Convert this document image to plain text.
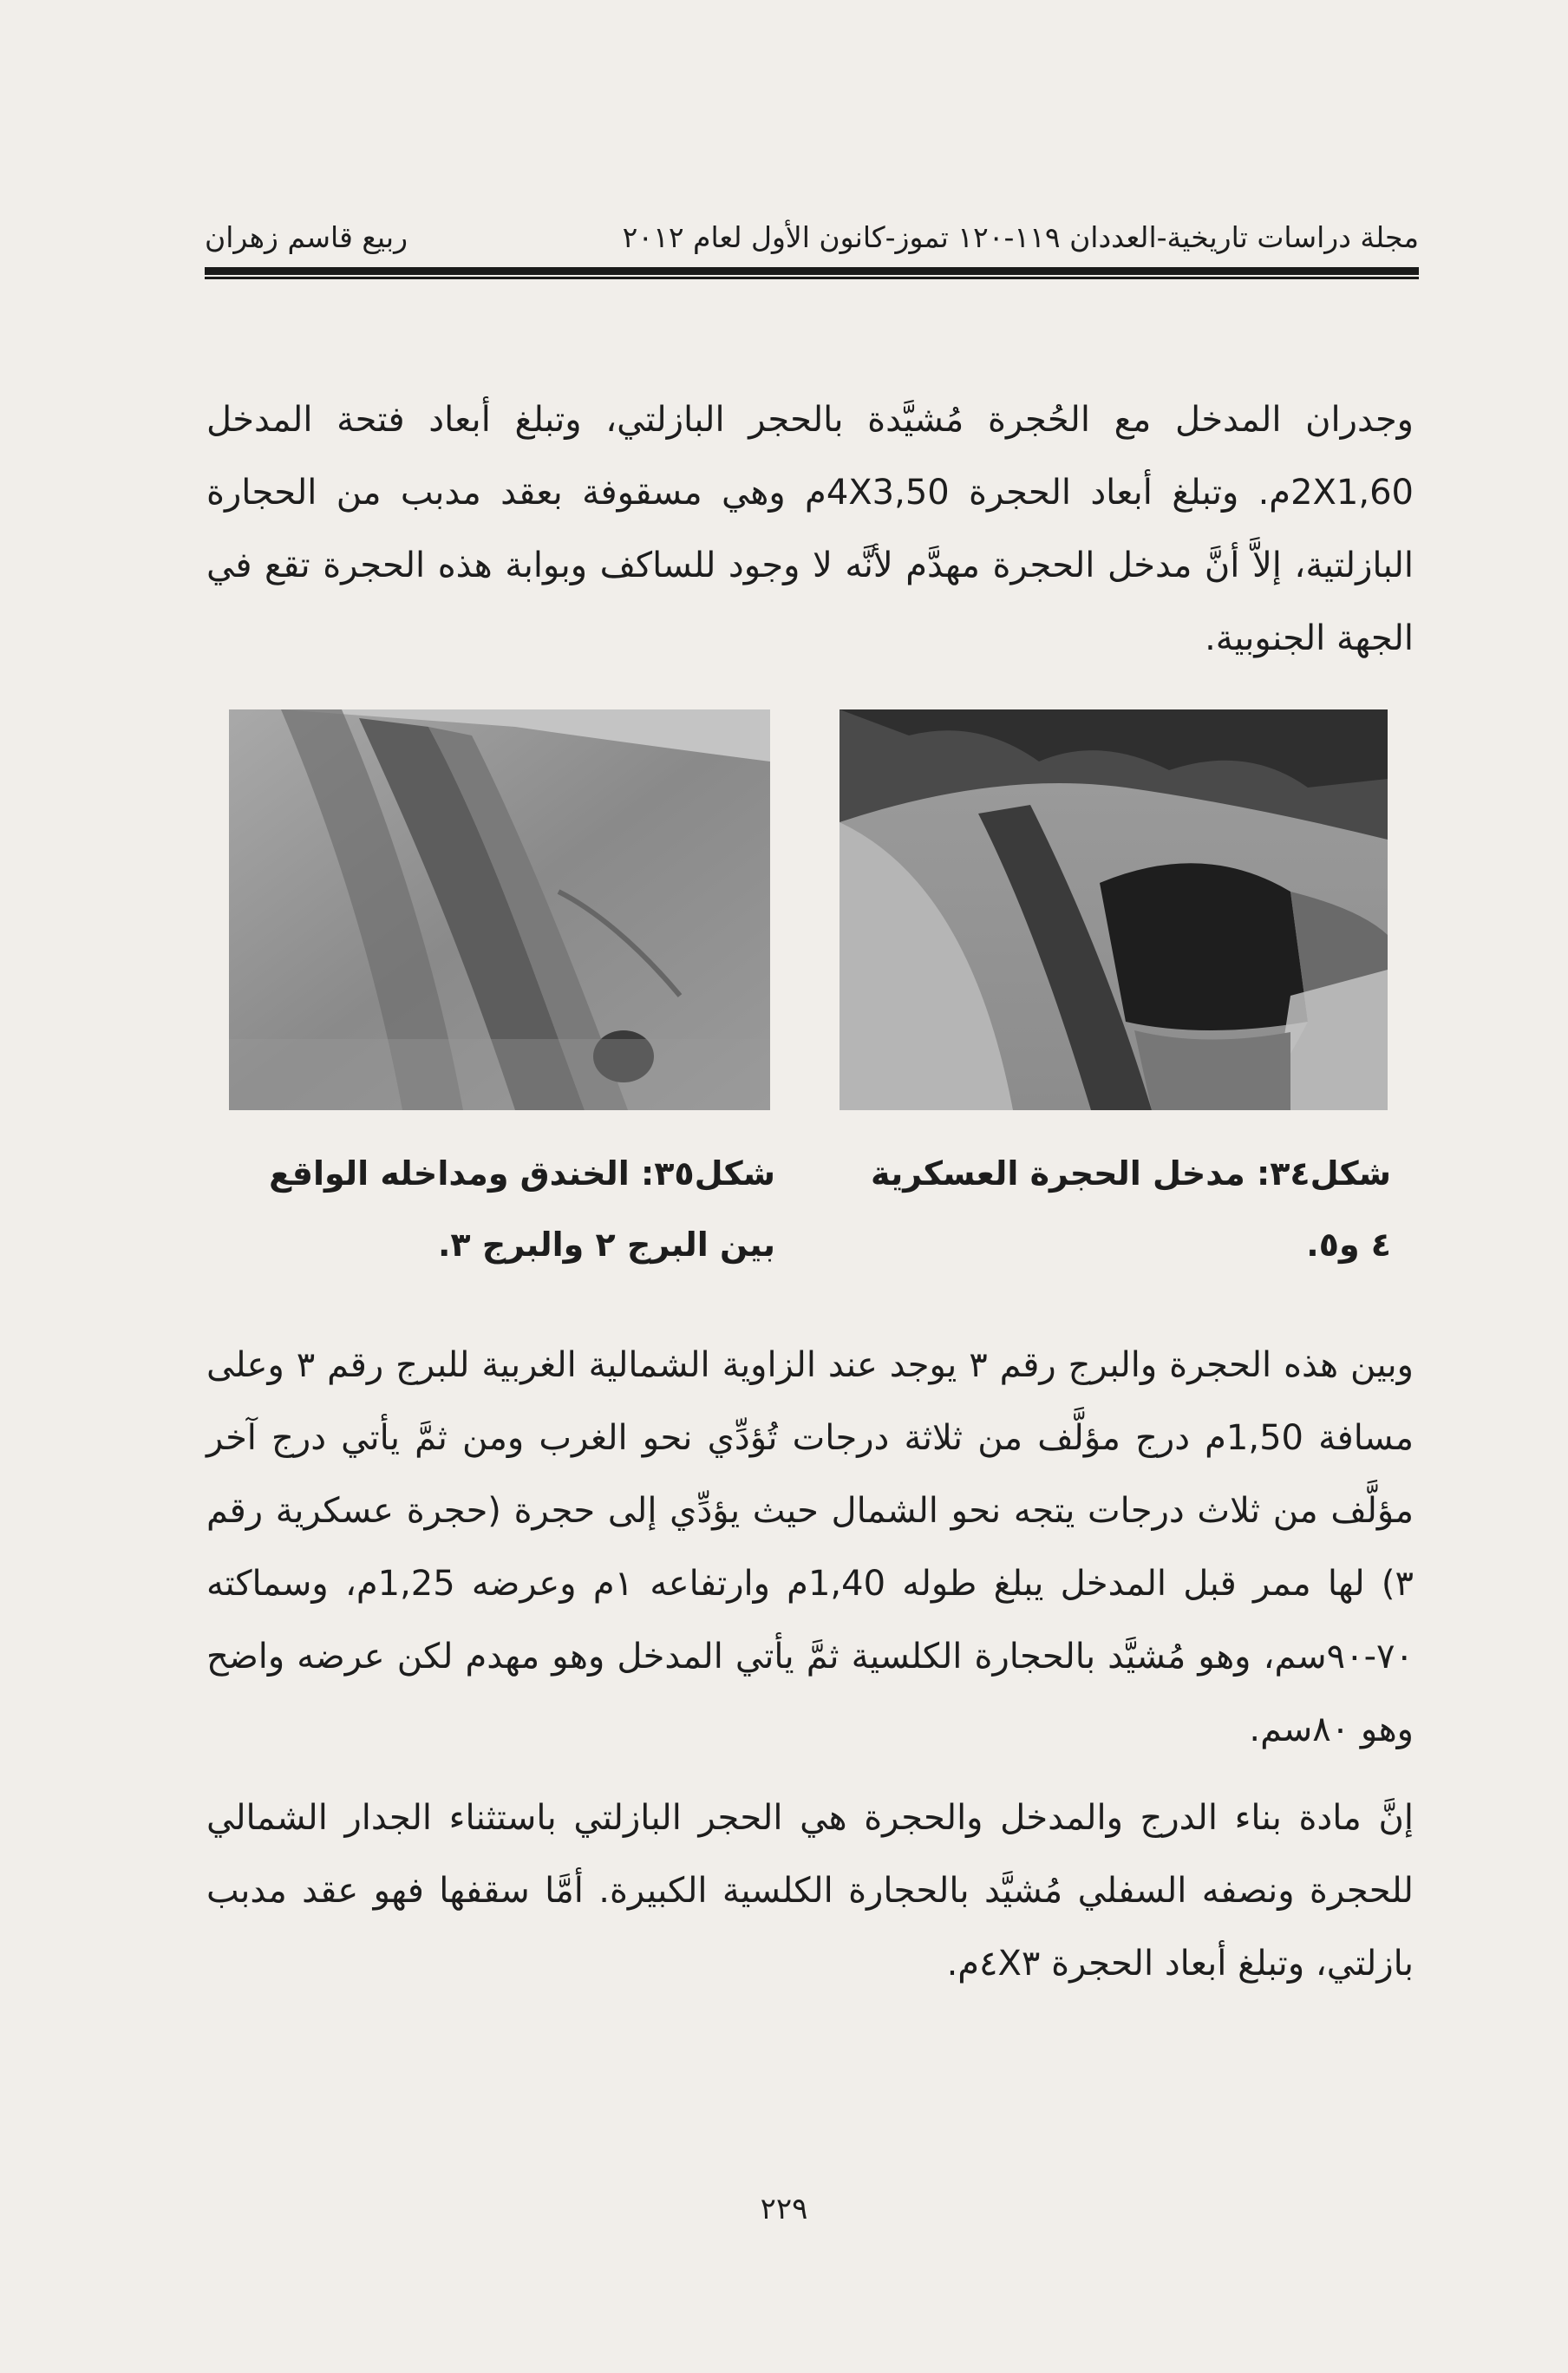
مجلة دراسات تاريخية-العددان ١١٩-١٢٠ تموز-كانون الأول لعام ٢٠١٢
ربيع قاسم زهران
وجدران المدخل مع الحُجرة مُشيَّدة بالحجر البازلتي، وتبلغ أبعاد فتحة المدخل 2X1,60م. وتبلغ أبعاد الحجرة 4X3,50م وهي مسقوفة بعقد مدبب من الحجارة البازلتية، إلاَّ أنَّ مدخل الحجرة مهدَّم لأنَّه لا وجود للساكف وبوابة هذه الحجرة تقع في الجهة الجنوبية.
شكل٣٥: الخندق ومداخله الواقع بين البرج ٢ والبرج ٣.
شكل٣٤: مدخل الحجرة العسكرية ٤ و٥.
وبين هذه الحجرة والبرج رقم ٣ يوجد عند الزاوية الشمالية الغربية للبرج رقم ٣ وعلى مسافة 1,50م درج مؤلَّف من ثلاثة درجات تُؤدِّي نحو الغرب ومن ثمَّ يأتي درج آخر مؤلَّف من ثلاث درجات يتجه نحو الشمال حيث يؤدِّي إلى حجرة (حجرة عسكرية رقم ٣) لها ممر قبل المدخل يبلغ طوله 1,40م وارتفاعه ١م وعرضه 1,25م، وسماكته ٧٠-٩٠سم، وهو مُشيَّد بالحجارة الكلسية ثمَّ يأتي المدخل وهو مهدم لكن عرضه واضح وهو ٨٠سم.
إنَّ مادة بناء الدرج والمدخل والحجرة هي الحجر البازلتي باستثناء الجدار الشمالي للحجرة ونصفه السفلي مُشيَّد بالحجارة الكلسية الكبيرة. أمَّا سقفها فهو عقد مدبب بازلتي، وتبلغ أبعاد الحجرة ٤X٣م.
٢٢٩
